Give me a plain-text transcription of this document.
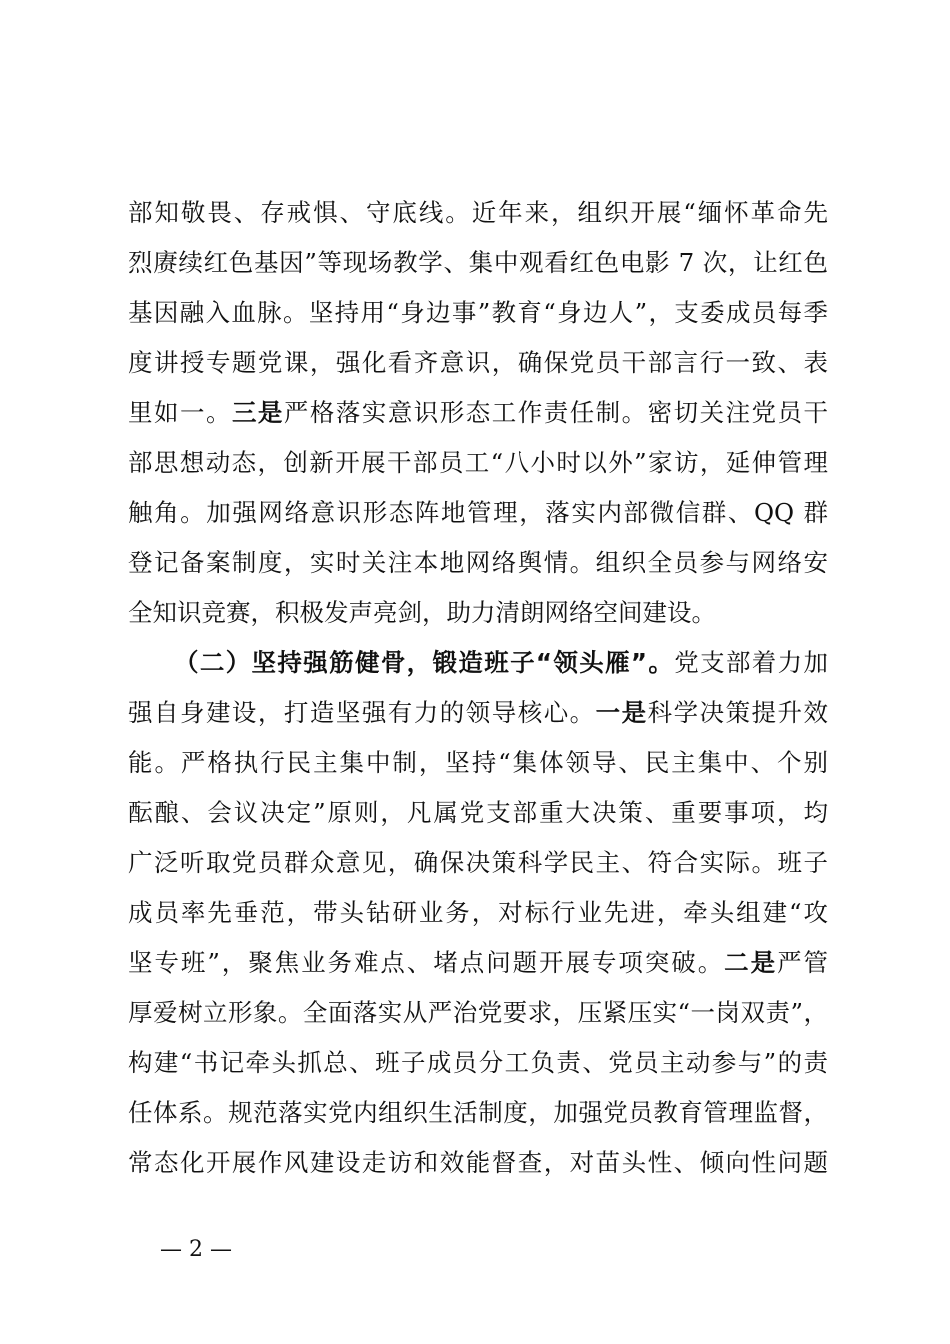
部知敬畏、存戒惧、守底线。近年来，组织开展“缅怀革命先
烈赓续红色基因”等现场教学、集中观看红色电影 7 次，让红色
基因融入血脉。坚持用“身边事”教育“身边人”，支委成员每季
度讲授专题党课，强化看齐意识，确保党员干部言行一致、表
里如一。三是严格落实意识形态工作责任制。密切关注党员干
部思想动态，创新开展干部员工“八小时以外”家访，延伸管理
触角。加强网络意识形态阵地管理，落实内部微信群、QQ 群
登记备案制度，实时关注本地网络舆情。组织全员参与网络安
全知识竞赛，积极发声亮剑，助力清朗网络空间建设。
（二）坚持强筋健骨，锻造班子“领头雁”。党支部着力加
强自身建设，打造坚强有力的领导核心。一是科学决策提升效
能。严格执行民主集中制，坚持“集体领导、民主集中、个别
酝酿、会议决定”原则，凡属党支部重大决策、重要事项，均
广泛听取党员群众意见，确保决策科学民主、符合实际。班子
成员率先垂范，带头钻研业务，对标行业先进，牵头组建“攻
坚专班”，聚焦业务难点、堵点问题开展专项突破。二是严管
厚爱树立形象。全面落实从严治党要求，压紧压实“一岗双责”，
构建“书记牵头抓总、班子成员分工负责、党员主动参与”的责
任体系。规范落实党内组织生活制度，加强党员教育管理监督，
常态化开展作风建设走访和效能督查，对苗头性、倾向性问题
— 2 —
